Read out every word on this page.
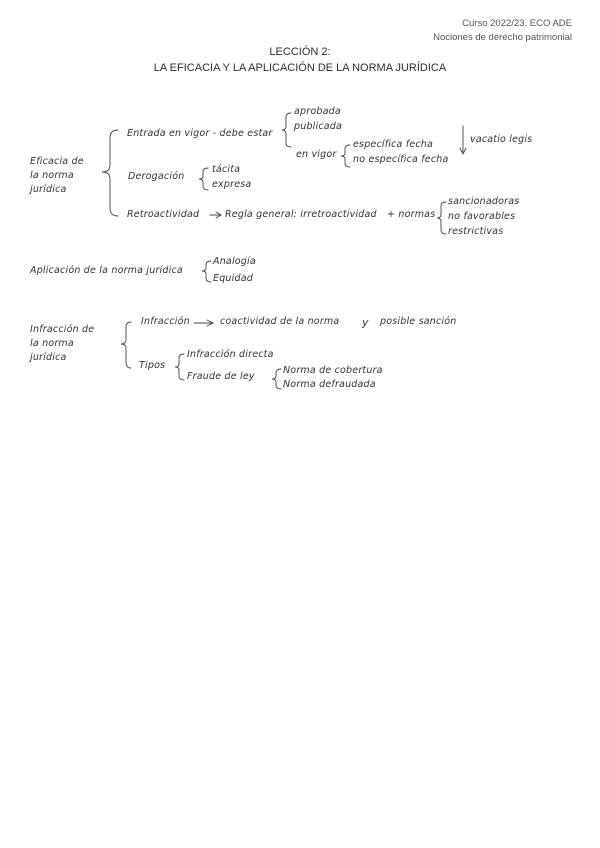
Curso 2022/23. ECO ADE
Nociones de derecho patrimonial
LECCIÓN 2:
LA EFICACIA Y LA APLICACIÓN DE LA NORMA JURÍDICA
Eficacia de
la norma
jurídica
Entrada en vigor - debe estar
aprobada
publicada
en vigor
específica fecha
no específica fecha
vacatio legis
Derogación
tácita
expresa
Retroactividad	Regla general: irretroactividad + normas
sancionadoras
no favorables
restrictivas
Aplicación de la norma jurídica
Analogía
Equidad
Infracción de
la norma
jurídica
Infracción	coactividad de la norma y posible sanción
Tipos
Infracción directa
Fraude de ley
Norma de cobertura
Norma defraudada
